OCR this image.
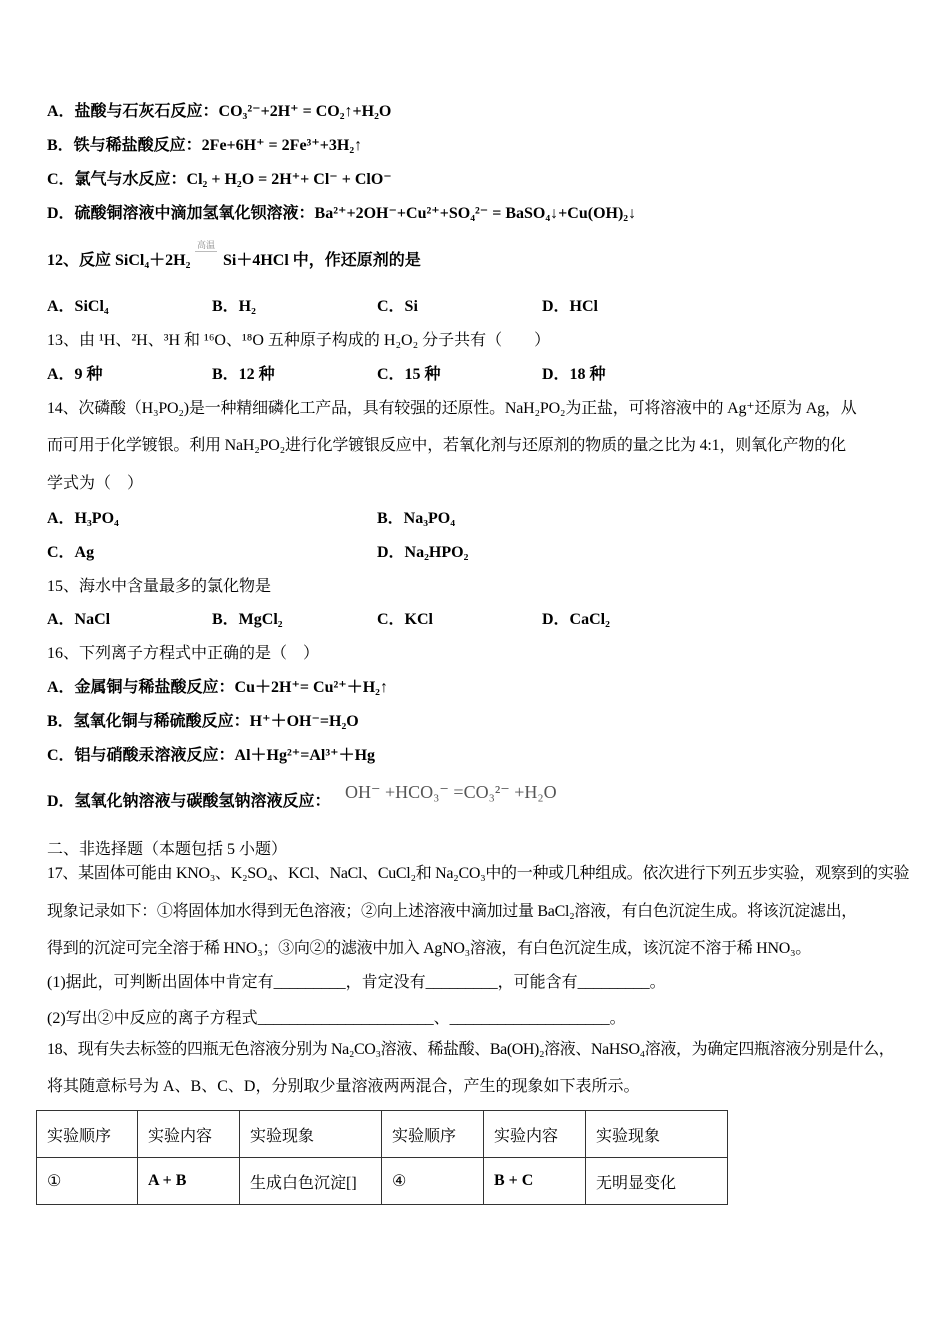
A．盐酸与石灰石反应：CO₃²⁻+2H⁺ = CO₂↑+H₂O
B．铁与稀盐酸反应：2Fe+6H⁺ = 2Fe³⁺+3H₂↑
C．氯气与水反应：Cl₂ + H₂O = 2H⁺+ Cl⁻ + ClO⁻
D．硫酸铜溶液中滴加氢氧化钡溶液：Ba²⁺+2OH⁻+Cu²⁺+SO₄²⁻ = BaSO₄↓+Cu(OH)₂↓
12、反应 SiCl₄＋2H₂
高温
Si＋4HCl 中，作还原剂的是
A．SiCl₄	B．H₂	C．Si	D．HCl
13、由 ¹H、²H、³H 和 ¹⁶O、¹⁸O 五种原子构成的 H₂O₂ 分子共有（　　）
A．9 种	B．12 种	C．15 种	D．18 种
14、次磷酸（H₃PO₂)是一种精细磷化工产品，具有较强的还原性。NaH₂PO₂为正盐，可将溶液中的 Ag⁺还原为 Ag，从
而可用于化学镀银。利用 NaH₂PO₂进行化学镀银反应中，若氧化剂与还原剂的物质的量之比为 4:1，则氧化产物的化
学式为（　）
A．H₃PO₄	B．Na₃PO₄
C．Ag	D．Na₂HPO₂
15、海水中含量最多的氯化物是
A．NaCl	B．MgCl₂	C．KCl	D．CaCl₂
16、下列离子方程式中正确的是（　）
A．金属铜与稀盐酸反应：Cu＋2H⁺= Cu²⁺＋H₂↑
B．氢氧化铜与稀硫酸反应：H⁺＋OH⁻=H₂O
C．铝与硝酸汞溶液反应：Al＋Hg²⁺=Al³⁺＋Hg
D．氢氧化钠溶液与碳酸氢钠溶液反应： OH⁻ +HCO₃⁻ =CO₃²⁻ +H₂O
二、非选择题（本题包括 5 小题）
17、某固体可能由 KNO₃、K₂SO₄、KCl、NaCl、CuCl₂和 Na₂CO₃中的一种或几种组成。依次进行下列五步实验，观察到的实验
现象记录如下：①将固体加水得到无色溶液；②向上述溶液中滴加过量 BaCl₂溶液，有白色沉淀生成。将该沉淀滤出，
得到的沉淀可完全溶于稀 HNO₃；③向②的滤液中加入 AgNO₃溶液，有白色沉淀生成，该沉淀不溶于稀 HNO₃。
(1)据此，可判断出固体中肯定有_________，肯定没有_________，可能含有_________。
(2)写出②中反应的离子方程式______________________、____________________。
18、现有失去标签的四瓶无色溶液分别为 Na₂CO₃溶液、稀盐酸、Ba(OH)₂溶液、NaHSO₄溶液，为确定四瓶溶液分别是什么，
将其随意标号为 A、B、C、D，分别取少量溶液两两混合，产生的现象如下表所示。
实验顺序	实验内容	实验现象	实验顺序	实验内容	实验现象
①	A + B	生成白色沉淀[]	④	B + C	无明显变化
